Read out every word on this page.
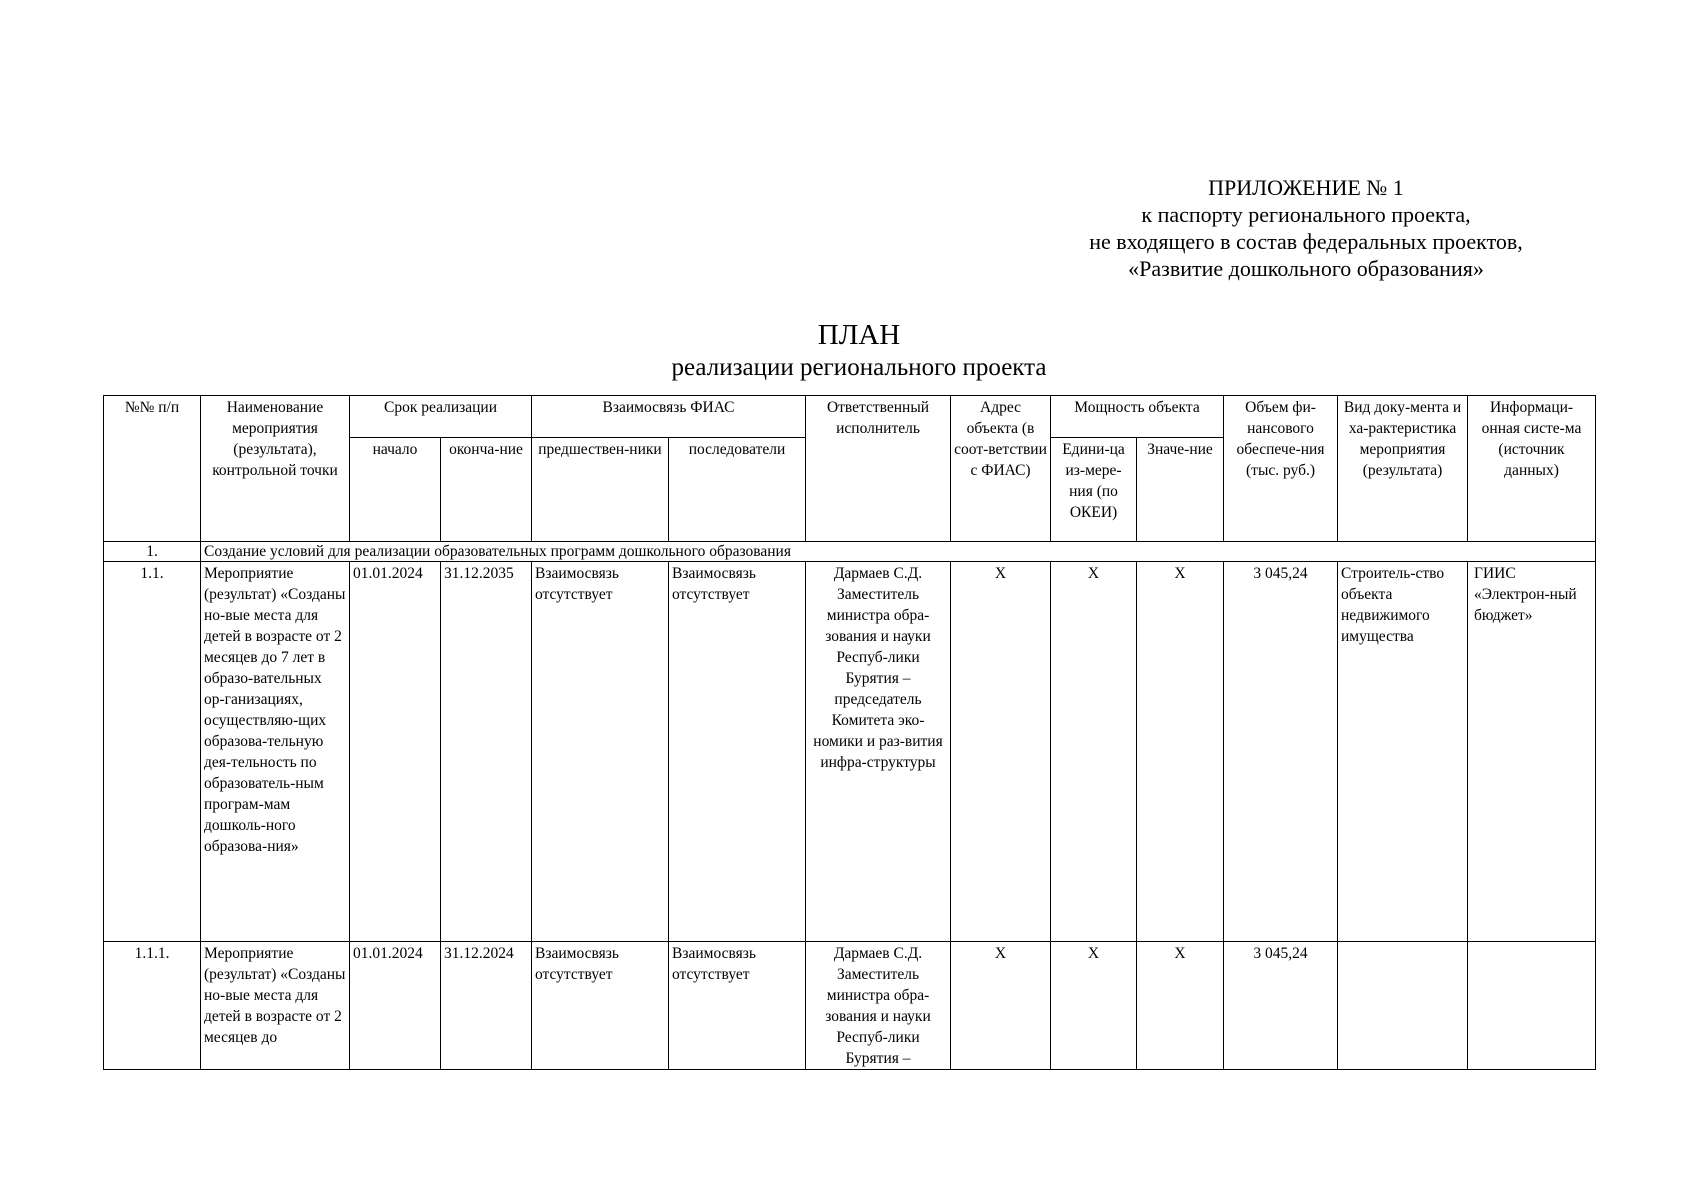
ПРИЛОЖЕНИЕ № 1
к паспорту регионального проекта,
не входящего в состав федеральных проектов,
«Развитие дошкольного образования»
ПЛАН
реализации регионального проекта
№№ п/п	Наименование мероприятия (результата), контрольной точки	Срок реализации		Взаимосвязь ФИАС		Ответственный исполнитель	Адрес объекта (в соот-ветствии с ФИАС)	Мощность объекта		Объем фи-нансового обеспече-ния (тыс. руб.)	Вид доку-мента и ха-рактеристика мероприятия (результата)	Информаци-онная систе-ма (источник данных)
		начало	оконча-ние	предшествен-ники	последователи			Едини-ца из-мере-ния (по ОКЕИ)	Значе-ние			
1.	Создание условий для реализации образовательных программ дошкольного образования											
1.1.	Мероприятие (результат) «Созданы но-вые места для детей в возрасте от 2 месяцев до 7 лет в образо-вательных ор-ганизациях, осуществляю-щих образова-тельную дея-тельность по образователь-ным програм-мам дошколь-ного образова-ния»	01.01.2024	31.12.2035	Взаимосвязь отсутствует	Взаимосвязь отсутствует	Дармаев С.Д. Заместитель министра обра-зования и науки Респуб-лики Бурятия – председатель Комитета эко-номики и раз-вития инфра-структуры	X	X	X	3 045,24	Строитель-ство объекта недвижимого имущества	ГИИС «Электрон-ный бюджет»
1.1.1.	Мероприятие (результат) «Созданы но-вые места для детей в возрасте от 2 месяцев до	01.01.2024	31.12.2024	Взаимосвязь отсутствует	Взаимосвязь отсутствует	Дармаев С.Д. Заместитель министра обра-зования и науки Респуб-лики Бурятия –	X	X	X	3 045,24		
